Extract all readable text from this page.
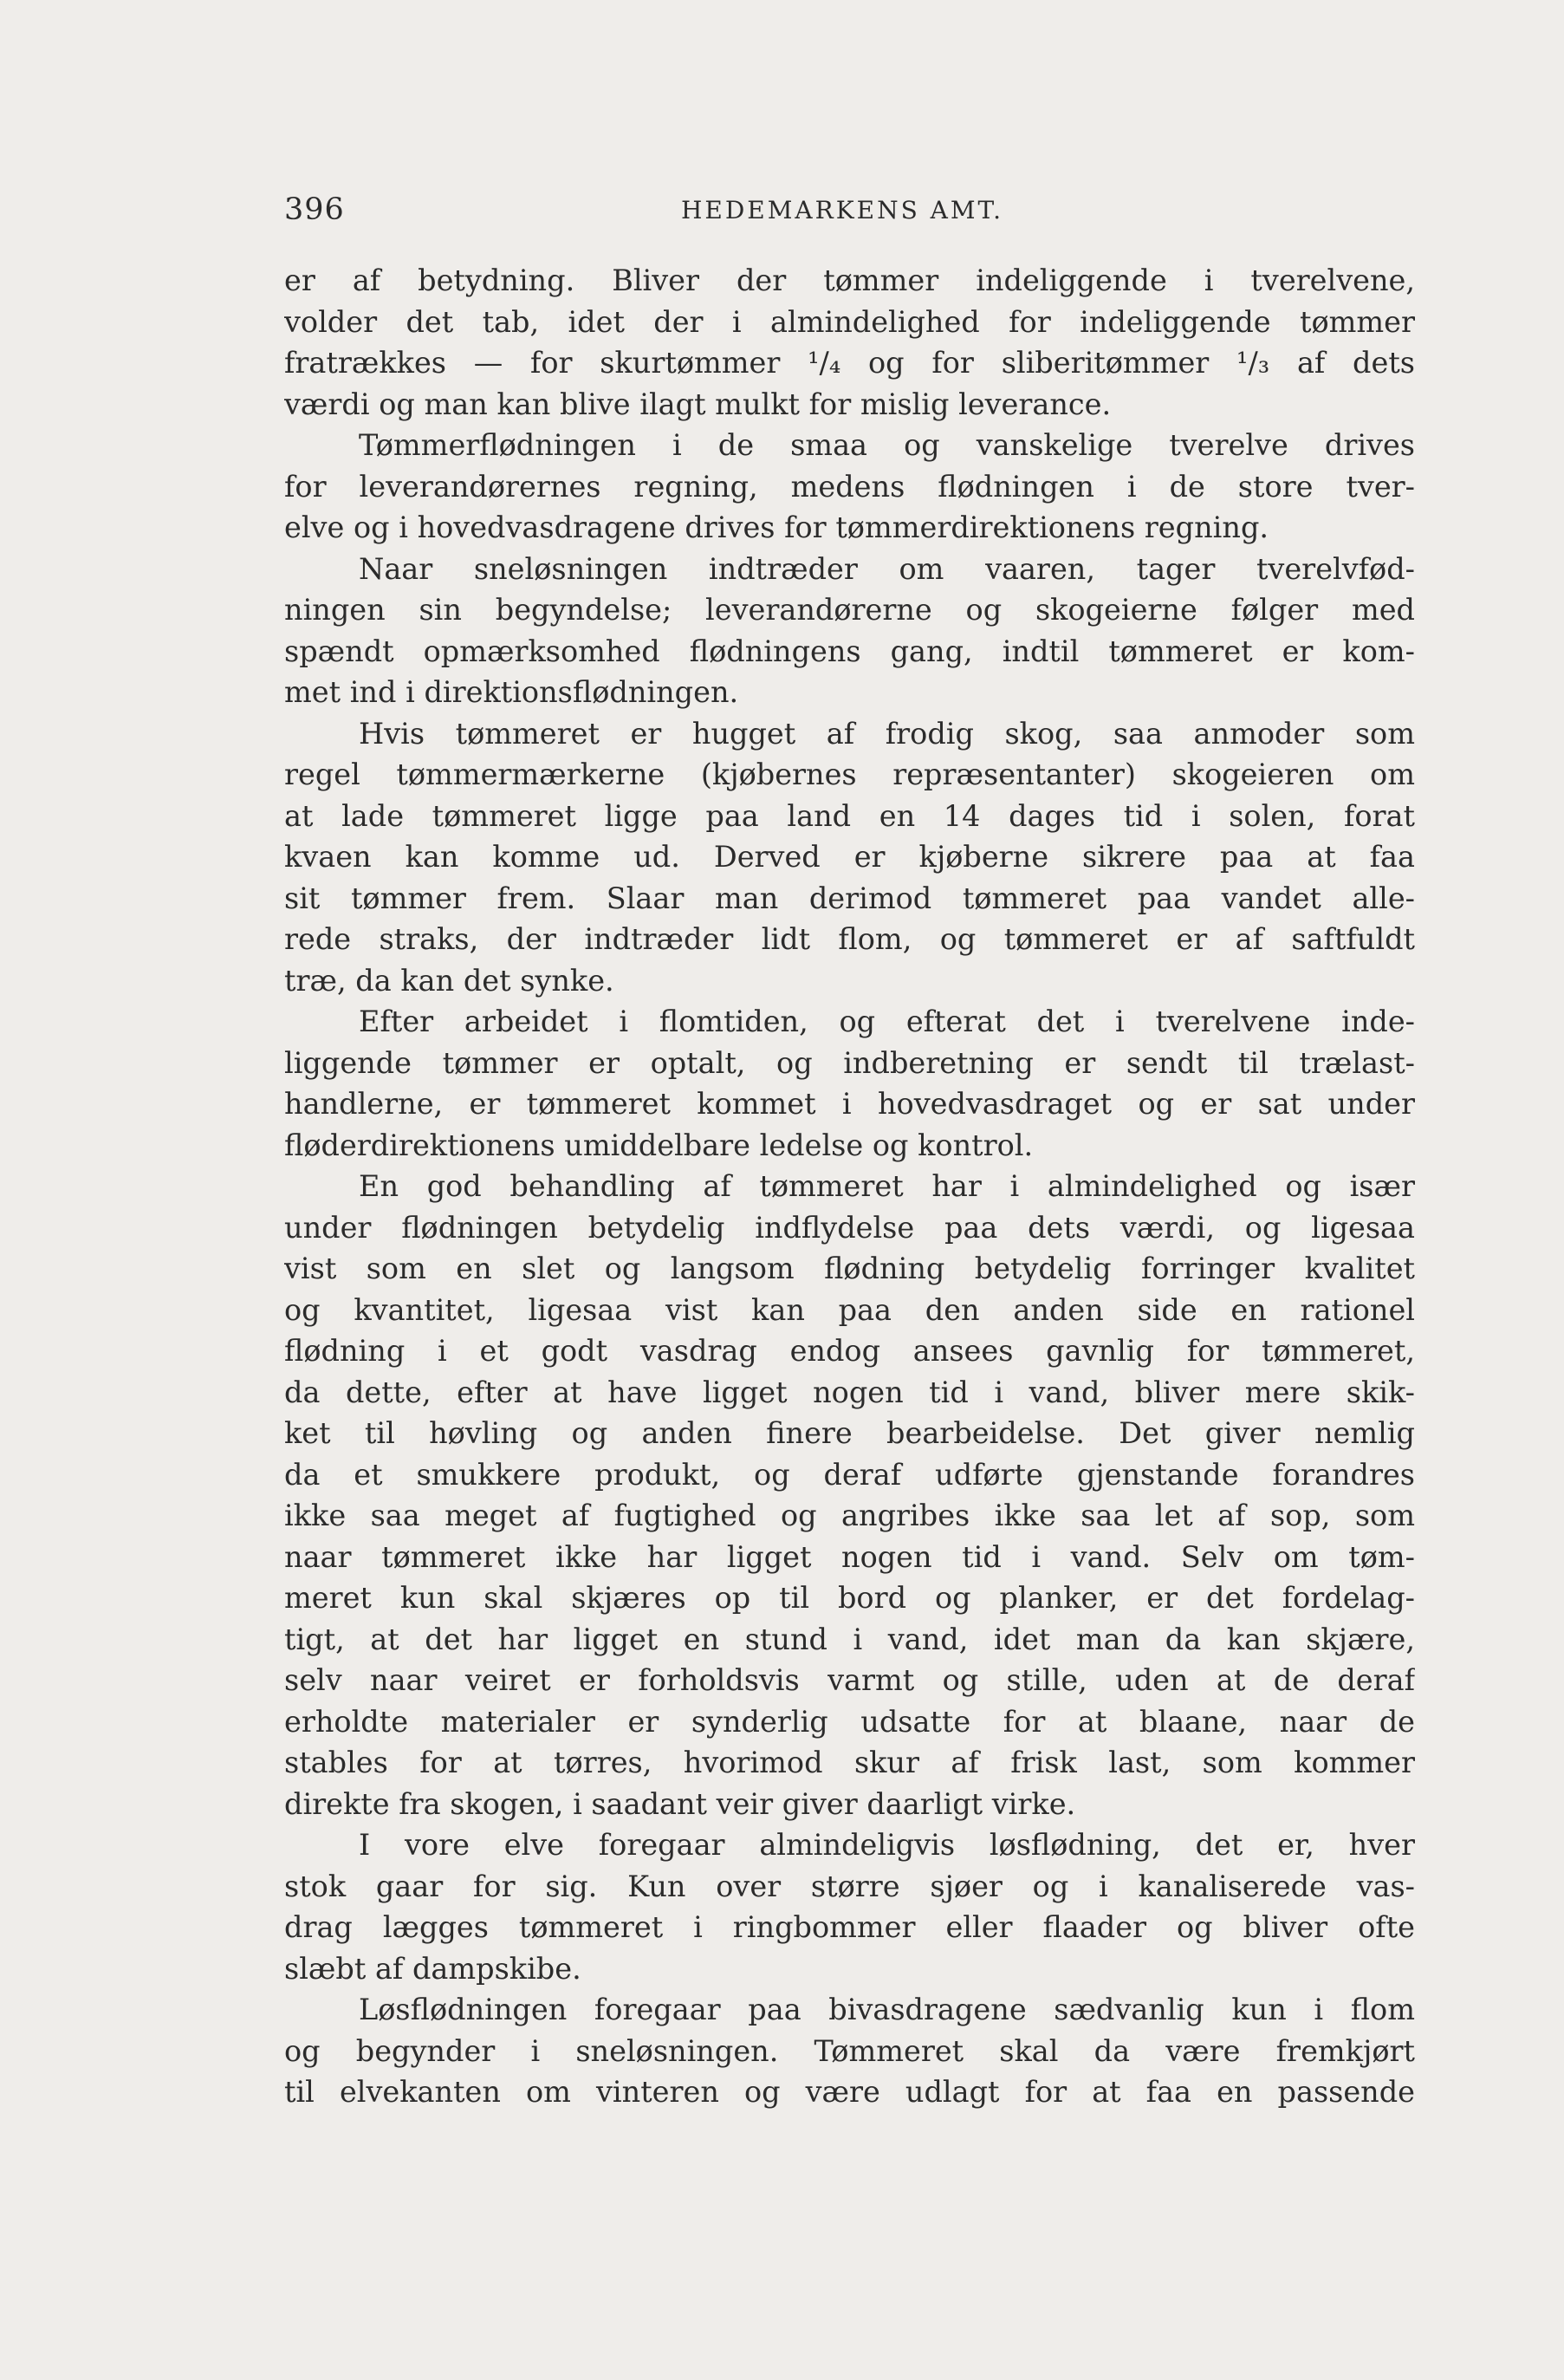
396	HEDEMARKENS AMT.
er af betydning. Bliver der tømmer indeliggende i tverelvene,
volder det tab, idet der i almindelighed for indeliggende tømmer
fratrækkes — for skurtømmer ¹/₄ og for sliberitømmer ¹/₃ af dets
værdi og man kan blive ilagt mulkt for mislig leverance.
Tømmerflødningen i de smaa og vanskelige tverelve drives
for leverandørernes regning, medens flødningen i de store tver-
elve og i hovedvasdragene drives for tømmerdirektionens regning.
Naar sneløsningen indtræder om vaaren, tager tverelvfød-
ningen sin begyndelse; leverandørerne og skogeierne følger med
spændt opmærksomhed flødningens gang, indtil tømmeret er kom-
met ind i direktionsflødningen.
Hvis tømmeret er hugget af frodig skog, saa anmoder som
regel tømmermærkerne (kjøbernes repræsentanter) skogeieren om
at lade tømmeret ligge paa land en 14 dages tid i solen, forat
kvaen kan komme ud. Derved er kjøberne sikrere paa at faa
sit tømmer frem. Slaar man derimod tømmeret paa vandet alle-
rede straks, der indtræder lidt flom, og tømmeret er af saftfuldt
træ, da kan det synke.
Efter arbeidet i flomtiden, og efterat det i tverelvene inde-
liggende tømmer er optalt, og indberetning er sendt til trælast-
handlerne, er tømmeret kommet i hovedvasdraget og er sat under
fløderdirektionens umiddelbare ledelse og kontrol.
En god behandling af tømmeret har i almindelighed og især
under flødningen betydelig indflydelse paa dets værdi, og ligesaa
vist som en slet og langsom flødning betydelig forringer kvalitet
og kvantitet, ligesaa vist kan paa den anden side en rationel
flødning i et godt vasdrag endog ansees gavnlig for tømmeret,
da dette, efter at have ligget nogen tid i vand, bliver mere skik-
ket til høvling og anden finere bearbeidelse. Det giver nemlig
da et smukkere produkt, og deraf udførte gjenstande forandres
ikke saa meget af fugtighed og angribes ikke saa let af sop, som
naar tømmeret ikke har ligget nogen tid i vand. Selv om tøm-
meret kun skal skjæres op til bord og planker, er det fordelag-
tigt, at det har ligget en stund i vand, idet man da kan skjære,
selv naar veiret er forholdsvis varmt og stille, uden at de deraf
erholdte materialer er synderlig udsatte for at blaane, naar de
stables for at tørres, hvorimod skur af frisk last, som kommer
direkte fra skogen, i saadant veir giver daarligt virke.
I vore elve foregaar almindeligvis løsflødning, det er, hver
stok gaar for sig. Kun over større sjøer og i kanaliserede vas-
drag lægges tømmeret i ringbommer eller flaader og bliver ofte
slæbt af dampskibe.
Løsflødningen foregaar paa bivasdragene sædvanlig kun i flom
og begynder i sneløsningen. Tømmeret skal da være fremkjørt
til elvekanten om vinteren og være udlagt for at faa en passende
